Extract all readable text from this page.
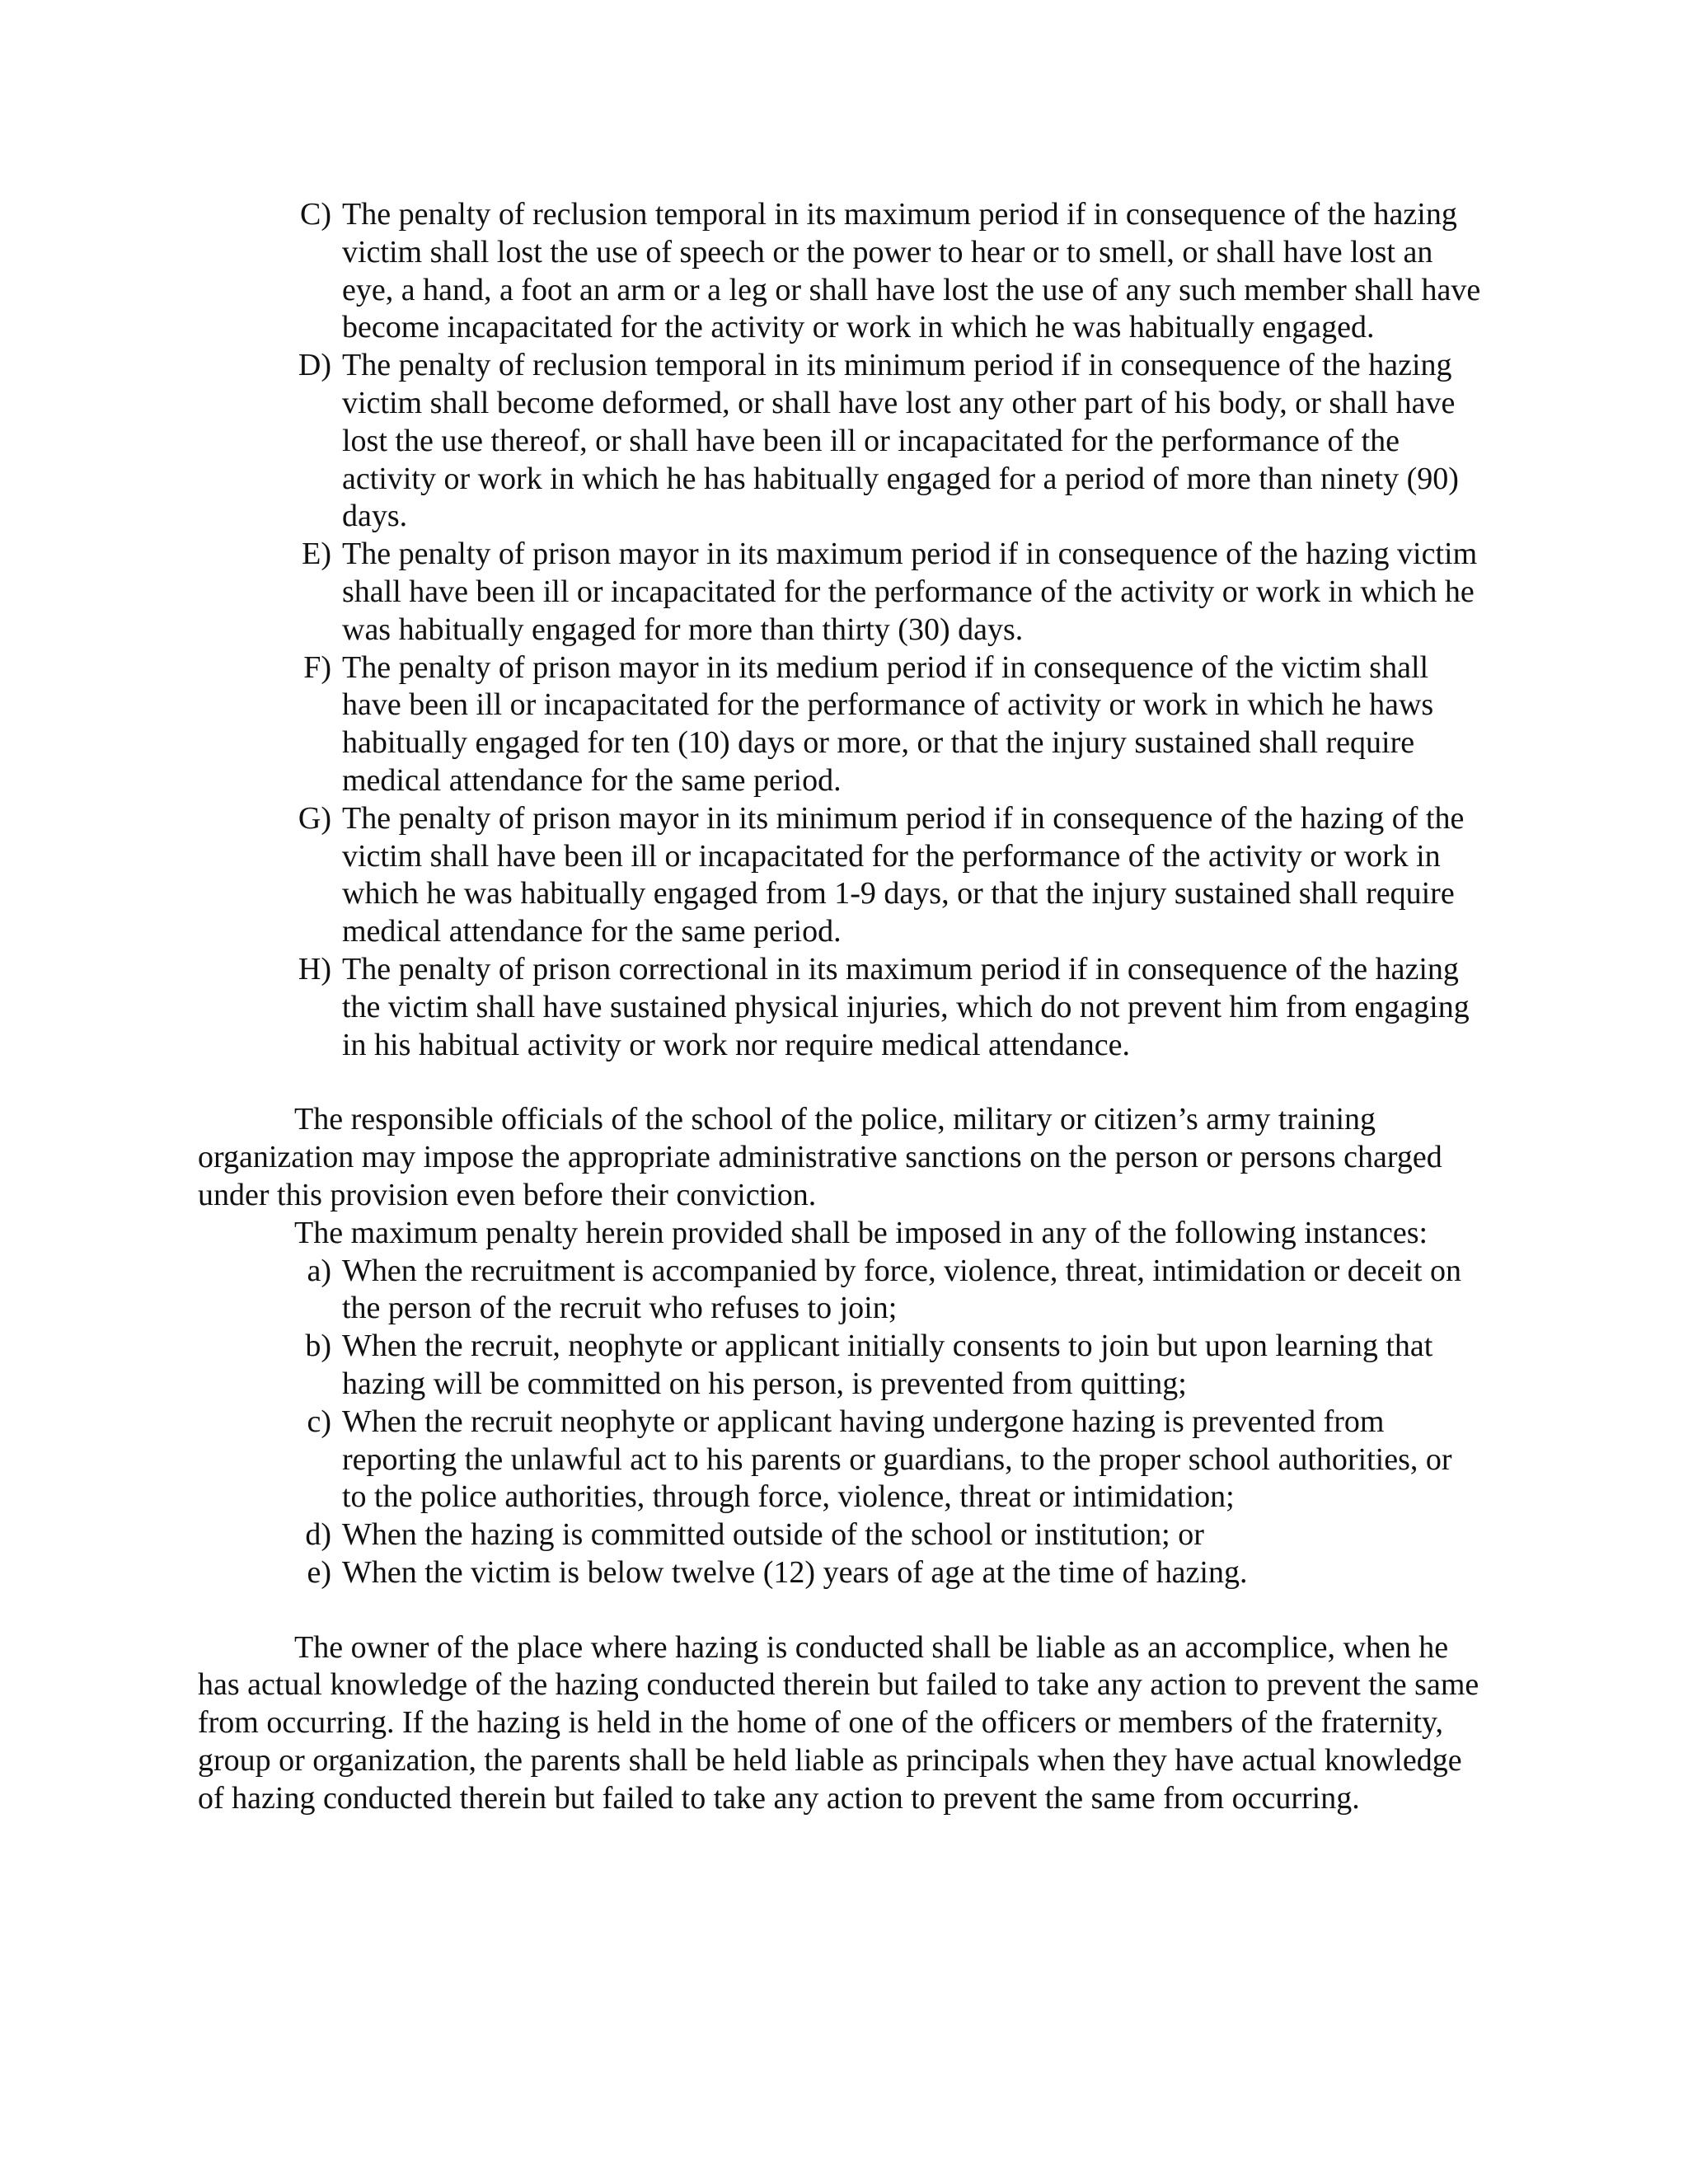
C) The penalty of reclusion temporal in its maximum period if in consequence of the hazing victim shall lost the use of speech or the power to hear or to smell, or shall have lost an eye, a hand, a foot an arm or a leg or shall have lost the use of any such member shall have become incapacitated for the activity or work in which he was habitually engaged.
D) The penalty of reclusion temporal in its minimum period if in consequence of the hazing victim shall become deformed, or shall have lost any other part of his body, or shall have lost the use thereof, or shall have been ill or incapacitated for the performance of the activity or work in which he has habitually engaged for a period of more than ninety (90) days.
E) The penalty of prison mayor in its maximum period if in consequence of the hazing victim shall have been ill or incapacitated for the performance of the activity or work in which he was habitually engaged for more than thirty (30) days.
F) The penalty of prison mayor in its medium period if in consequence of the victim shall have been ill or incapacitated for the performance of activity or work in which he haws habitually engaged for ten (10) days or more, or that the injury sustained shall require medical attendance for the same period.
G) The penalty of prison mayor in its minimum period if in consequence of the hazing of the victim shall have been ill or incapacitated for the performance of the activity or work in which he was habitually engaged from 1-9 days, or that the injury sustained shall require medical attendance for the same period.
H) The penalty of prison correctional in its maximum period if in consequence of the hazing the victim shall have sustained physical injuries, which do not prevent him from engaging in his habitual activity or work nor require medical attendance.

The responsible officials of the school of the police, military or citizen’s army training organization may impose the appropriate administrative sanctions on the person or persons charged under this provision even before their conviction.

The maximum penalty herein provided shall be imposed in any of the following instances:

a) When the recruitment is accompanied by force, violence, threat, intimidation or deceit on the person of the recruit who refuses to join;
b) When the recruit, neophyte or applicant initially consents to join but upon learning that hazing will be committed on his person, is prevented from quitting;
c) When the recruit neophyte or applicant having undergone hazing is prevented from reporting the unlawful act to his parents or guardians, to the proper school authorities, or to the police authorities, through force, violence, threat or intimidation;
d) When the hazing is committed outside of the school or institution; or
e) When the victim is below twelve (12) years of age at the time of hazing.

The owner of the place where hazing is conducted shall be liable as an accomplice, when he has actual knowledge of the hazing conducted therein but failed to take any action to prevent the same from occurring. If the hazing is held in the home of one of the officers or members of the fraternity, group or organization, the parents shall be held liable as principals when they have actual knowledge of hazing conducted therein but failed to take any action to prevent the same from occurring.
